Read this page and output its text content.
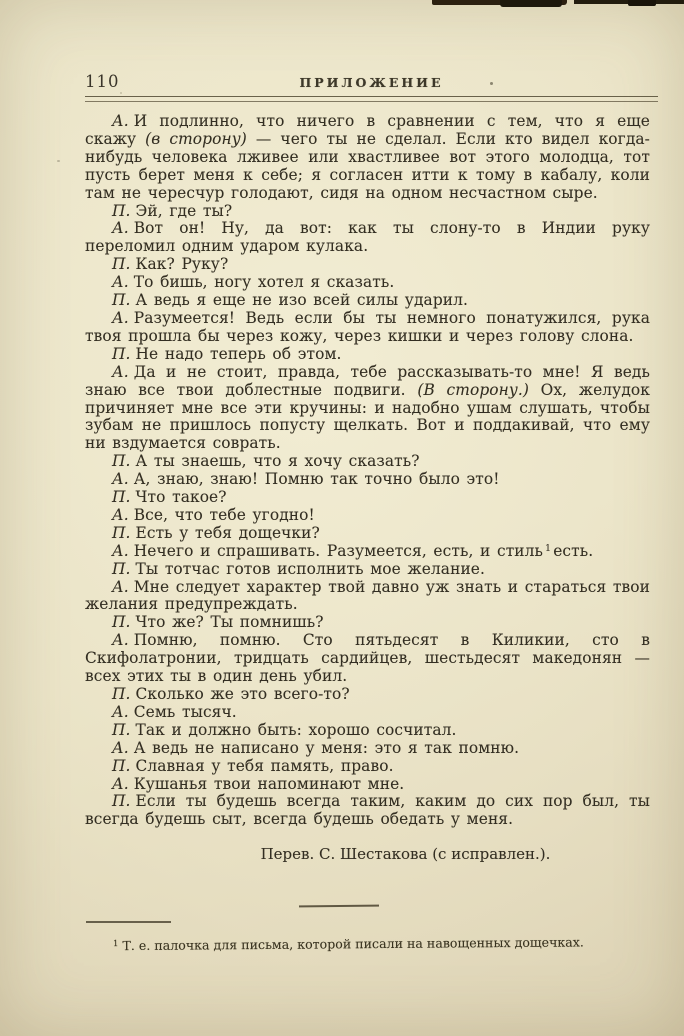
110	ПРИЛОЖЕНИЕ

А. И подлинно, что ничего в сравнении с тем, что я еще скажу (в сторону) — чего ты не сделал. Если кто видел когда-нибудь человека лживее или хвастливее вот этого молодца, тот пусть берет меня к себе; я согласен итти к тому в кабалу, коли там не чересчур голодают, сидя на одном несчастном сыре.

П. Эй, где ты?

А. Вот он! Ну, да вот: как ты слону-то в Индии руку переломил одним ударом кулака.

П. Как? Руку?

А. То бишь, ногу хотел я сказать.

П. А ведь я еще не изо всей силы ударил.

А. Разумеется! Ведь если бы ты немного понатужился, рука твоя прошла бы через кожу, через кишки и через голову слона.

П. Не надо теперь об этом.

А. Да и не стоит, правда, тебе рассказывать-то мне! Я ведь знаю все твои доблестные подвиги. (В сторону.) Ох, желудок причиняет мне все эти кручины: и надобно ушам слушать, чтобы зубам не пришлось попусту щелкать. Вот и поддакивай, что ему ни вздумается соврать.

П. А ты знаешь, что я хочу сказать?

А. А, знаю, знаю! Помню так точно было это!

П. Что такое?

А. Все, что тебе угодно!

П. Есть у тебя дощечки?

А. Нечего и спрашивать. Разумеется, есть, и стиль $^1$ есть.

П. Ты тотчас готов исполнить мое желание.

А. Мне следует характер твой давно уж знать и стараться твои желания предупреждать.

П. Что же? Ты помнишь?

А. Помню, помню. Сто пятьдесят в Киликии, сто в Скифолатронии, тридцать сардийцев, шестьдесят македонян — всех этих ты в один день убил.

П. Сколько же это всего-то?

А. Семь тысяч.

П. Так и должно быть: хорошо сосчитал.

А. А ведь не написано у меня: это я так помню.

П. Славная у тебя память, право.

А. Кушанья твои напоминают мне.

П. Если ты будешь всегда таким, каким до сих пор был, ты всегда будешь сыт, всегда будешь обедать у меня.

Перев. С. Шестакова (с исправлен.).
$^1$ Т. е. палочка для письма, которой писали на навощенных дощечках.
